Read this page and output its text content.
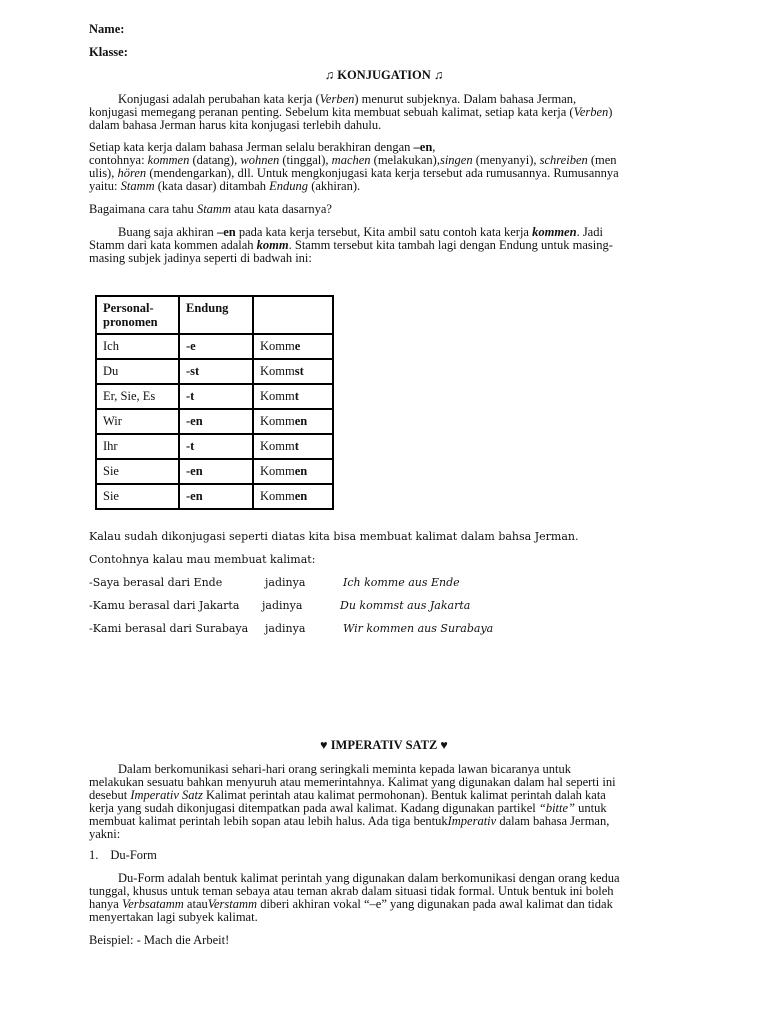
Name:
Klasse:
♫ KONJUGATION ♫
Konjugasi adalah perubahan kata kerja (Verben) menurut subjeknya. Dalam bahasa Jerman,
konjugasi memegang peranan penting. Sebelum kita membuat sebuah kalimat, setiap kata kerja (Verben)
dalam bahasa Jerman harus kita konjugasi terlebih dahulu.
Setiap kata kerja dalam bahasa Jerman selalu berakhiran dengan –en,
contohnya: kommen (datang), wohnen (tinggal), machen (melakukan),singen (menyanyi), schreiben (men
ulis), hören (mendengarkan), dll. Untuk mengkonjugasi kata kerja tersebut ada rumusannya. Rumusannya
yaitu: Stamm (kata dasar) ditambah Endung (akhiran).
Bagaimana cara tahu Stamm atau kata dasarnya?
Buang saja akhiran –en pada kata kerja tersebut, Kita ambil satu contoh kata kerja kommen. Jadi
Stamm dari kata kommen adalah komm. Stamm tersebut kita tambah lagi dengan Endung untuk masing-
masing subjek jadinya seperti di badwah ini:
Personal-
pronomen	Endung	
Ich	-e	Komme
Du	-st	Kommst
Er, Sie, Es	-t	Kommt
Wir	-en	Kommen
Ihr	-t	Kommt
Sie	-en	Kommen
Sie	-en	Kommen
Kalau sudah dikonjugasi seperti diatas kita bisa membuat kalimat dalam bahsa Jerman.
Contohnya kalau mau membuat kalimat:
-Saya berasal dari Ende	jadinya	Ich komme aus Ende
-Kamu berasal dari Jakarta jadinya	Du kommst aus Jakarta
-Kami berasal dari Surabaya jadinya	Wir kommen aus Surabaya
♥ IMPERATIV SATZ ♥
Dalam berkomunikasi sehari-hari orang seringkali meminta kepada lawan bicaranya untuk
melakukan sesuatu bahkan menyuruh atau memerintahnya. Kalimat yang digunakan dalam hal seperti ini
desebut Imperativ Satz Kalimat perintah atau kalimat permohonan). Bentuk kalimat perintah dalah kata
kerja yang sudah dikonjugasi ditempatkan pada awal kalimat. Kadang digunakan partikel “bitte” untuk
membuat kalimat perintah lebih sopan atau lebih halus. Ada tiga bentukImperativ dalam bahasa Jerman,
yakni:
1. Du-Form
Du-Form adalah bentuk kalimat perintah yang digunakan dalam berkomunikasi dengan orang kedua
tunggal, khusus untuk teman sebaya atau teman akrab dalam situasi tidak formal. Untuk bentuk ini boleh
hanya Verbsatamm atauVerstamm diberi akhiran vokal “–e” yang digunakan pada awal kalimat dan tidak
menyertakan lagi subyek kalimat.
Beispiel: - Mach die Arbeit!
